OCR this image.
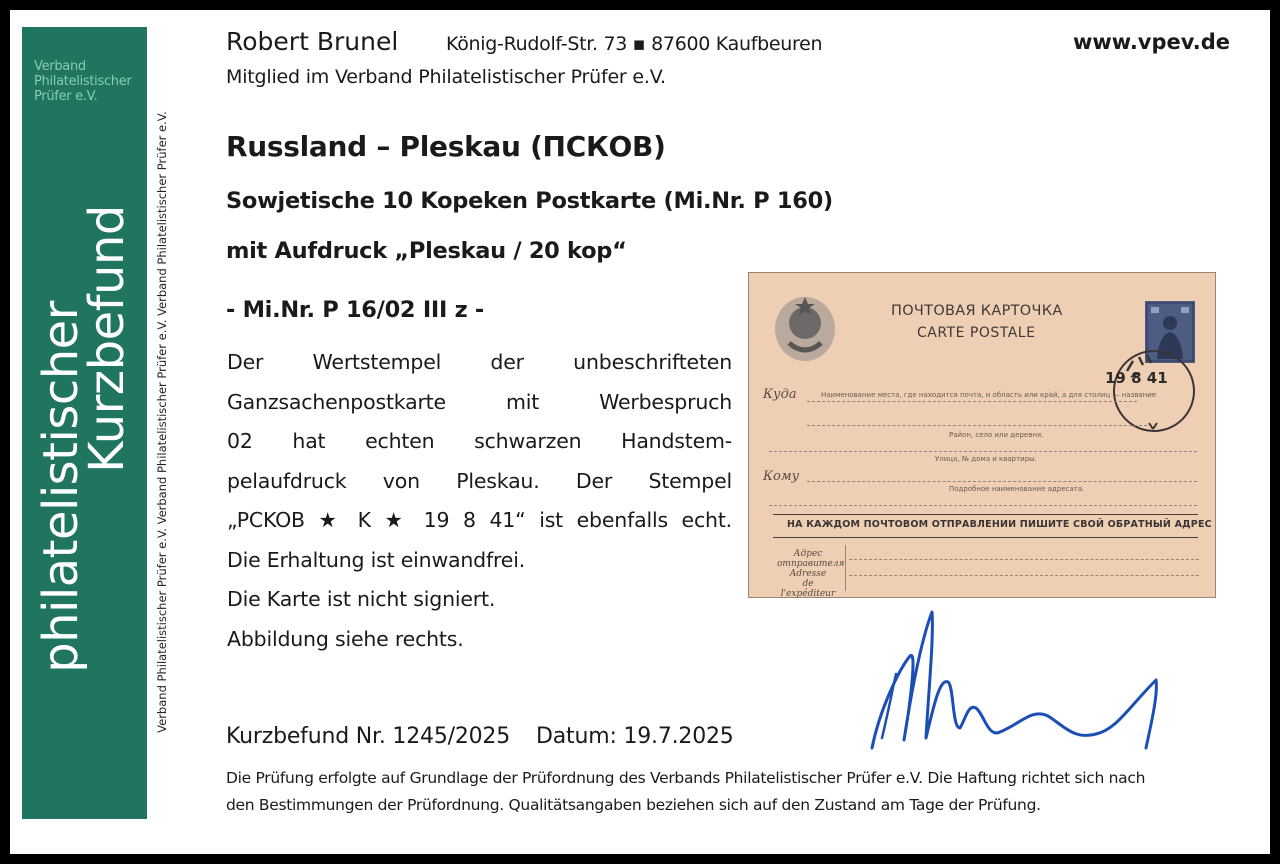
Verband
Philatelistischer
Prüfer e.V.
philatelistischer
Kurzbefund Verband Philatelistischer Prüfer e.V. Verband Philatelistischer Prüfer e.V. Verband Philatelistischer Prüfer e.V.
Robert Brunel	König-Rudolf-Str. 73 ▪ 87600 Kaufbeuren
Mitglied im Verband Philatelistischer Prüfer e.V.
www.vpev.de
Russland – Pleskau (ПСКОВ)
Sowjetische 10 Kopeken Postkarte (Mi.Nr. P 160)
mit Aufdruck „Pleskau / 20 kop“
- Mi.Nr. P 16/02 III z -

Der Wertstempel der unbeschrifteten

Ganzsachenpostkarte mit Werbespruch

02 hat echten schwarzen Handstem-

pelaufdruck von Pleskau. Der Stempel

„PCKOB ★ K ★ 19 8 41“ ist ebenfalls echt.

Die Erhaltung ist einwandfrei.

Die Karte ist nicht signiert.

Abbildung siehe rechts.

ПОЧТОВАЯ КАРТОЧКА
CARTE POSTALE
19 8 41
Куда	Наименование места, где находится почта, и область или край, а для столиц — название
Район, село или деревня.
Улица, № дома и квартиры.
Кому
Подробное наименование адресата.
НА КАЖДОМ ПОЧТОВОМ ОТПРАВЛЕНИИ ПИШИТЕ СВОЙ ОБРАТНЫЙ АДРЕС
Адрес
отправителя
Adresse
de l'expéditeur
Kurzbefund Nr. 1245/2025 Datum: 19.7.2025
Die Prüfung erfolgte auf Grundlage der Prüfordnung des Verbands Philatelistischer Prüfer e.V. Die Haftung richtet sich nach
den Bestimmungen der Prüfordnung. Qualitätsangaben beziehen sich auf den Zustand am Tage der Prüfung.
